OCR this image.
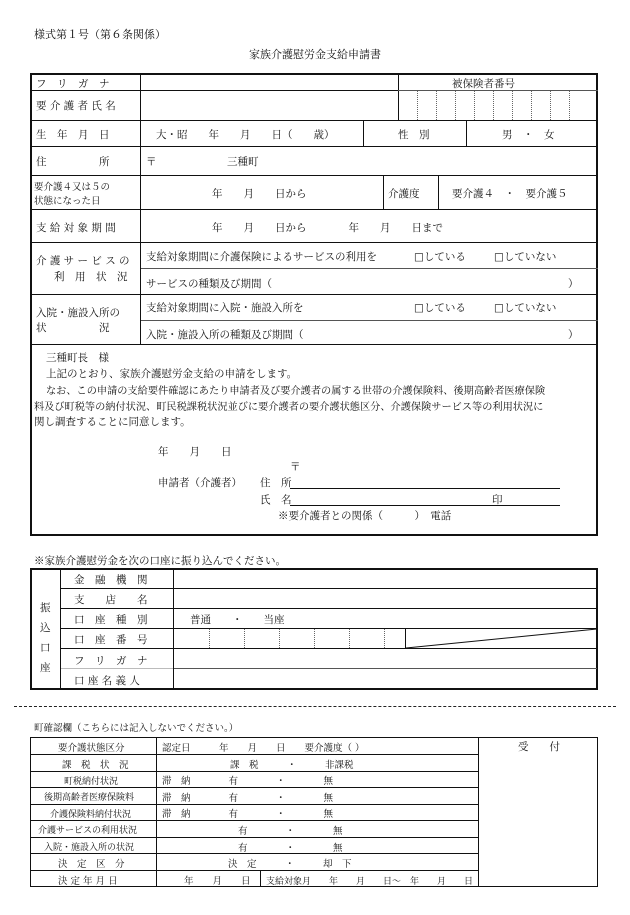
様式第１号（第６条関係）
家族介護慰労金支給申請書
フ　リ　ガ　ナ	被保険者番号
要 介 護 者 氏 名
生　年　月　日	大・昭　　年　　月　　日（　　歳）	性　別	男　・　女
住　　　　　所	〒	三種町
要介護４又は５の
状態になった日
年　　月　　日から	介護度	要介護４　・　要介護５
支 給 対 象 期 間	年　　月　　日から　　　　年　　月　　日まで
介 護 サ ー ビ ス の
利　用　状　況
支給対象期間に介護保険によるサービスの利用を	□している	□していない
サービスの種類及び期間（	）
入院・施設入所の
状　　　　　況
支給対象期間に入院・施設入所を	□している	□していない
入院・施設入所の種類及び期間（	）
三種町長　様
上記のとおり、家族介護慰労金支給の申請をします。
なお、この申請の支給要件確認にあたり申請者及び要介護者の属する世帯の介護保険料、後期高齢者医療保険
料及び町税等の納付状況、町民税課税状況並びに要介護者の要介護状態区分、介護保険サービス等の利用状況に
関し調査することに同意します。
年　　月　　日
〒
申請者（介護者） 住　所
氏　名	印
※要介護者との関係（　　　）　電話
※家族介護慰労金を次の口座に振り込んでください。
振
込
口
座
金　融　機　関
支　　店　　名
口　座　種　別	普通　　・　　当座
口　座　番　号
フ　リ　ガ　ナ
口 座 名 義 人
町確認欄（こちらには記入しないでください。）
要介護状態区分	認定日　　　年　　月　　日　　要介護度（ ）
課　税　状　況	課　税　　　・　　　非課税
町税納付状況	滞　納　　　　有　　　　・　　　　無
後期高齢者医療保険料	滞　納　　　　有　　　　・　　　　無
介護保険料納付状況	滞　納　　　　有　　　　・　　　　無
介護サービスの利用状況	有　　　　・　　　　無
入院・施設入所の状況	有　　　　・　　　　無
決　定　区　分	決　定　　　・　　　却　下
決 定 年 月 日	年　　月　　日 支給対象月　　年　　月　　日～　年　　月　　日
受　　付
